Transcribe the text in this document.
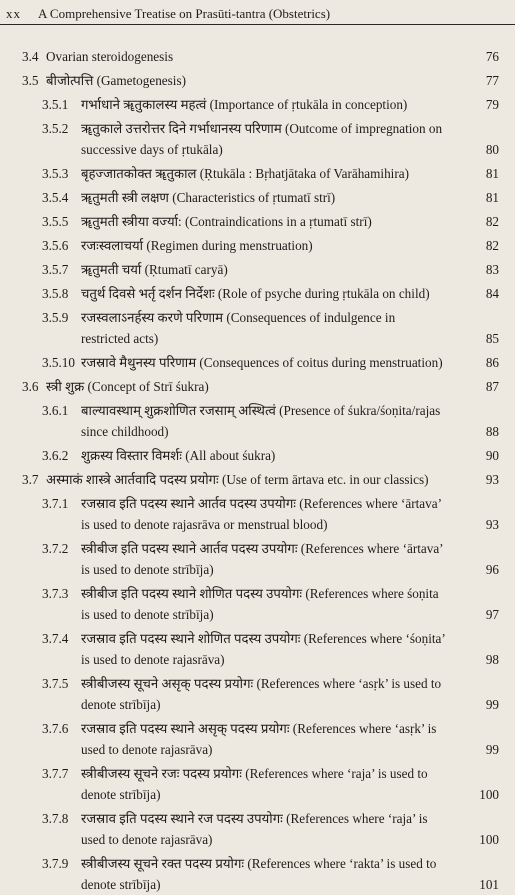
xx A Comprehensive Treatise on Prasūti-tantra (Obstetrics)
3.4 Ovarian steroidogenesis	76
3.5 बीजोत्पत्ति (Gametogenesis)	77
3.5.1 गर्भाधाने ॠतुकालस्य महत्वं (Importance of ṛtukāla in conception)	79
3.5.2 ॠतुकाले उत्तरोत्तर दिने गर्भाधानस्य परिणाम (Outcome of impregnation on successive days of ṛtukāla)	80
3.5.3 बृहज्जातकोक्त ॠतुकाल (Ṛtukāla : Bṛhatjātaka of Varāhamihira)	81
3.5.4 ॠतुमती स्त्री लक्षण (Characteristics of ṛtumatī strī)	81
3.5.5 ॠतुमती स्त्रीया वर्ज्या: (Contraindications in a ṛtumatī strī)	82
3.5.6 रजःस्वलाचर्या (Regimen during menstruation)	82
3.5.7 ॠतुमती चर्या (Ṛtumatī caryā)	83
3.5.8 चतुर्थ दिवसे भर्तृ दर्शन निर्देशः (Role of psyche during ṛtukāla on child)	84
3.5.9 रजस्वलाऽनर्हस्य करणे परिणाम (Consequences of indulgence in restricted acts)	85
3.5.10 रजस्रावे मैथुनस्य परिणाम (Consequences of coitus during menstruation)	86
3.6 स्त्री शुक्र (Concept of Strī śukra)	87
3.6.1 बाल्यावस्थाम् शुक्रशोणित रजसाम् अस्थित्वं (Presence of śukra/śoṇita/rajas since childhood)	88
3.6.2 शुक्रस्य विस्तार विमर्शः (All about śukra)	90
3.7 अस्माकं शास्त्रे आर्तवादि पदस्य प्रयोगः (Use of term ārtava etc. in our classics)	93
3.7.1 रजस्राव इति पदस्य स्थाने आर्तव पदस्य उपयोगः (References where ‘ārtava’ is used to denote rajasrāva or menstrual blood)	93
3.7.2 स्त्रीबीज इति पदस्य स्थाने आर्तव पदस्य उपयोगः (References where ‘ārtava’ is used to denote strībīja)	96
3.7.3 स्त्रीबीज इति पदस्य स्थाने शोणित पदस्य उपयोगः (References where śoṇita is used to denote strībīja)	97
3.7.4 रजस्राव इति पदस्य स्थाने शोणित पदस्य उपयोगः (References where ‘śoṇita’ is used to denote rajasrāva)	98
3.7.5 स्त्रीबीजस्य सूचने असृक् पदस्य प्रयोगः (References where ‘asṛk’ is used to denote strībīja)	99
3.7.6 रजस्राव इति पदस्य स्थाने असृक् पदस्य प्रयोगः (References where ‘asṛk’ is used to denote rajasrāva)	99
3.7.7 स्त्रीबीजस्य सूचने रजः पदस्य प्रयोगः (References where ‘raja’ is used to denote strībīja)	100
3.7.8 रजस्राव इति पदस्य स्थाने रज पदस्य उपयोगः (References where ‘raja’ is used to denote rajasrāva)	100
3.7.9 स्त्रीबीजस्य सूचने रक्त पदस्य प्रयोगः (References where ‘rakta’ is used to denote strībīja)	101
